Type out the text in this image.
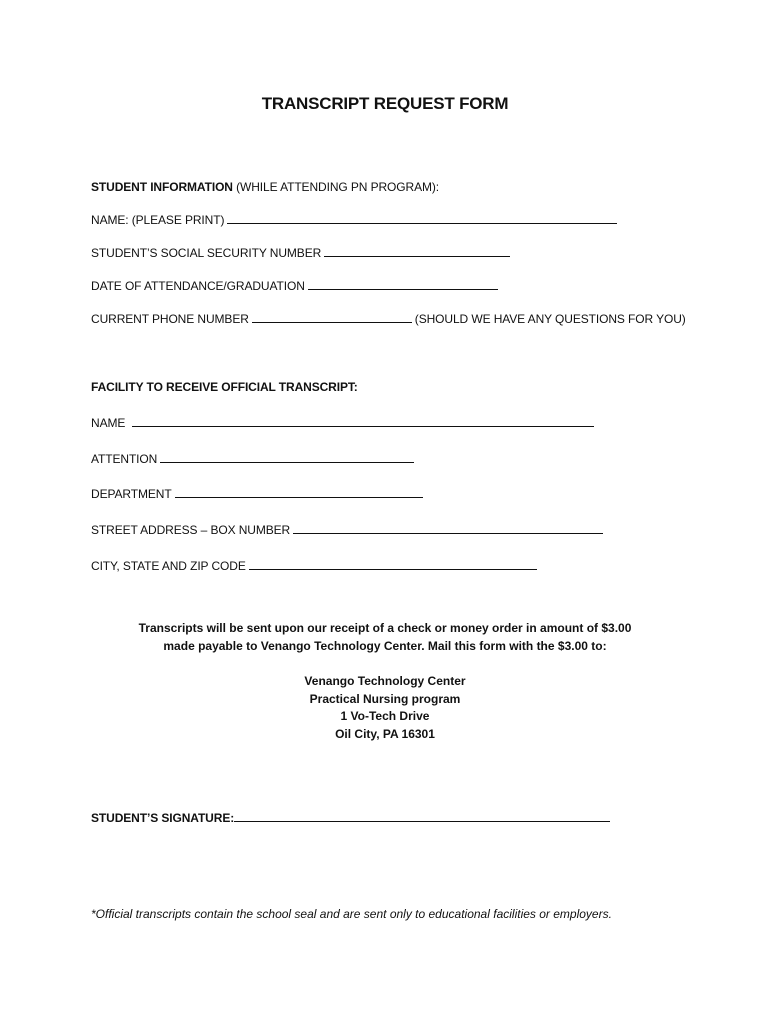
TRANSCRIPT REQUEST FORM
STUDENT INFORMATION (WHILE ATTENDING PN PROGRAM):
NAME: (PLEASE PRINT)
STUDENT’S SOCIAL SECURITY NUMBER
DATE OF ATTENDANCE/GRADUATION
CURRENT PHONE NUMBER	(SHOULD WE HAVE ANY QUESTIONS FOR YOU)
FACILITY TO RECEIVE OFFICIAL TRANSCRIPT:
NAME
ATTENTION
DEPARTMENT
STREET ADDRESS – BOX NUMBER
CITY, STATE AND ZIP CODE
Transcripts will be sent upon our receipt of a check or money order in amount of $3.00
made payable to Venango Technology Center. Mail this form with the $3.00 to:
Venango Technology Center
Practical Nursing program
1 Vo-Tech Drive
Oil City, PA 16301
STUDENT’S SIGNATURE:
*Official transcripts contain the school seal and are sent only to educational facilities or employers.
